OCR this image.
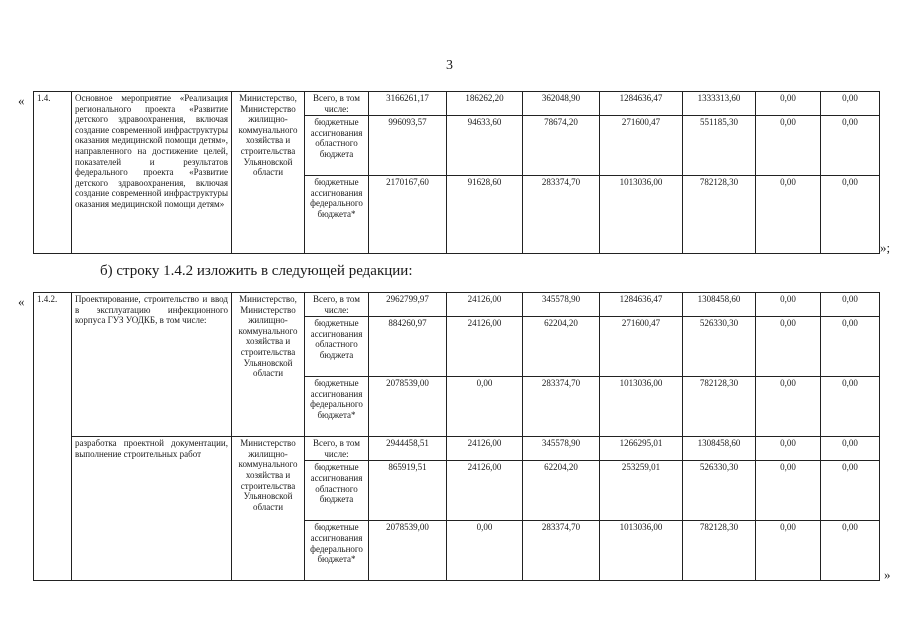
3
« 1.4.	Основное мероприятие «Реализация регионального проекта «Развитие детского здравоохранения, включая создание современной инфраструктуры оказания медицинской помощи детям», направленного на достижение целей, показателей и результатов федерального проекта «Развитие детского здравоохранения, включая создание современной инфраструктуры оказания медицинской помощи детям»	Министерство, Министерство жилищно-коммунального хозяйства и строительства Ульяновской области	Всего, в том числе:	3166261,17	186262,20	362048,90	1284636,47	1333313,60	0,00	0,00
			бюджетные ассигнования областного бюджета	996093,57	94633,60	78674,20	271600,47	551185,30	0,00	0,00
			бюджетные ассигнования федерального бюджета*	2170167,60	91628,60	283374,70	1013036,00	782128,30	0,00	0,00
»;
б) строку 1.4.2 изложить в следующей редакции:
« 1.4.2.	Проектирование, строительство и ввод в эксплуатацию инфекционного корпуса ГУЗ УОДКБ, в том числе:	Министерство, Министерство жилищно-коммунального хозяйства и строительства Ульяновской области	Всего, в том числе:	2962799,97	24126,00	345578,90	1284636,47	1308458,60	0,00	0,00
			бюджетные ассигнования областного бюджета	884260,97	24126,00	62204,20	271600,47	526330,30	0,00	0,00
			бюджетные ассигнования федерального бюджета*	2078539,00	0,00	283374,70	1013036,00	782128,30	0,00	0,00
	разработка проектной документации, выполнение строительных работ	Министерство жилищно-коммунального хозяйства и строительства Ульяновской области	Всего, в том числе:	2944458,51	24126,00	345578,90	1266295,01	1308458,60	0,00	0,00
			бюджетные ассигнования областного бюджета	865919,51	24126,00	62204,20	253259,01	526330,30	0,00	0,00
			бюджетные ассигнования федерального бюджета*	2078539,00	0,00	283374,70	1013036,00	782128,30	0,00	0,00
»
